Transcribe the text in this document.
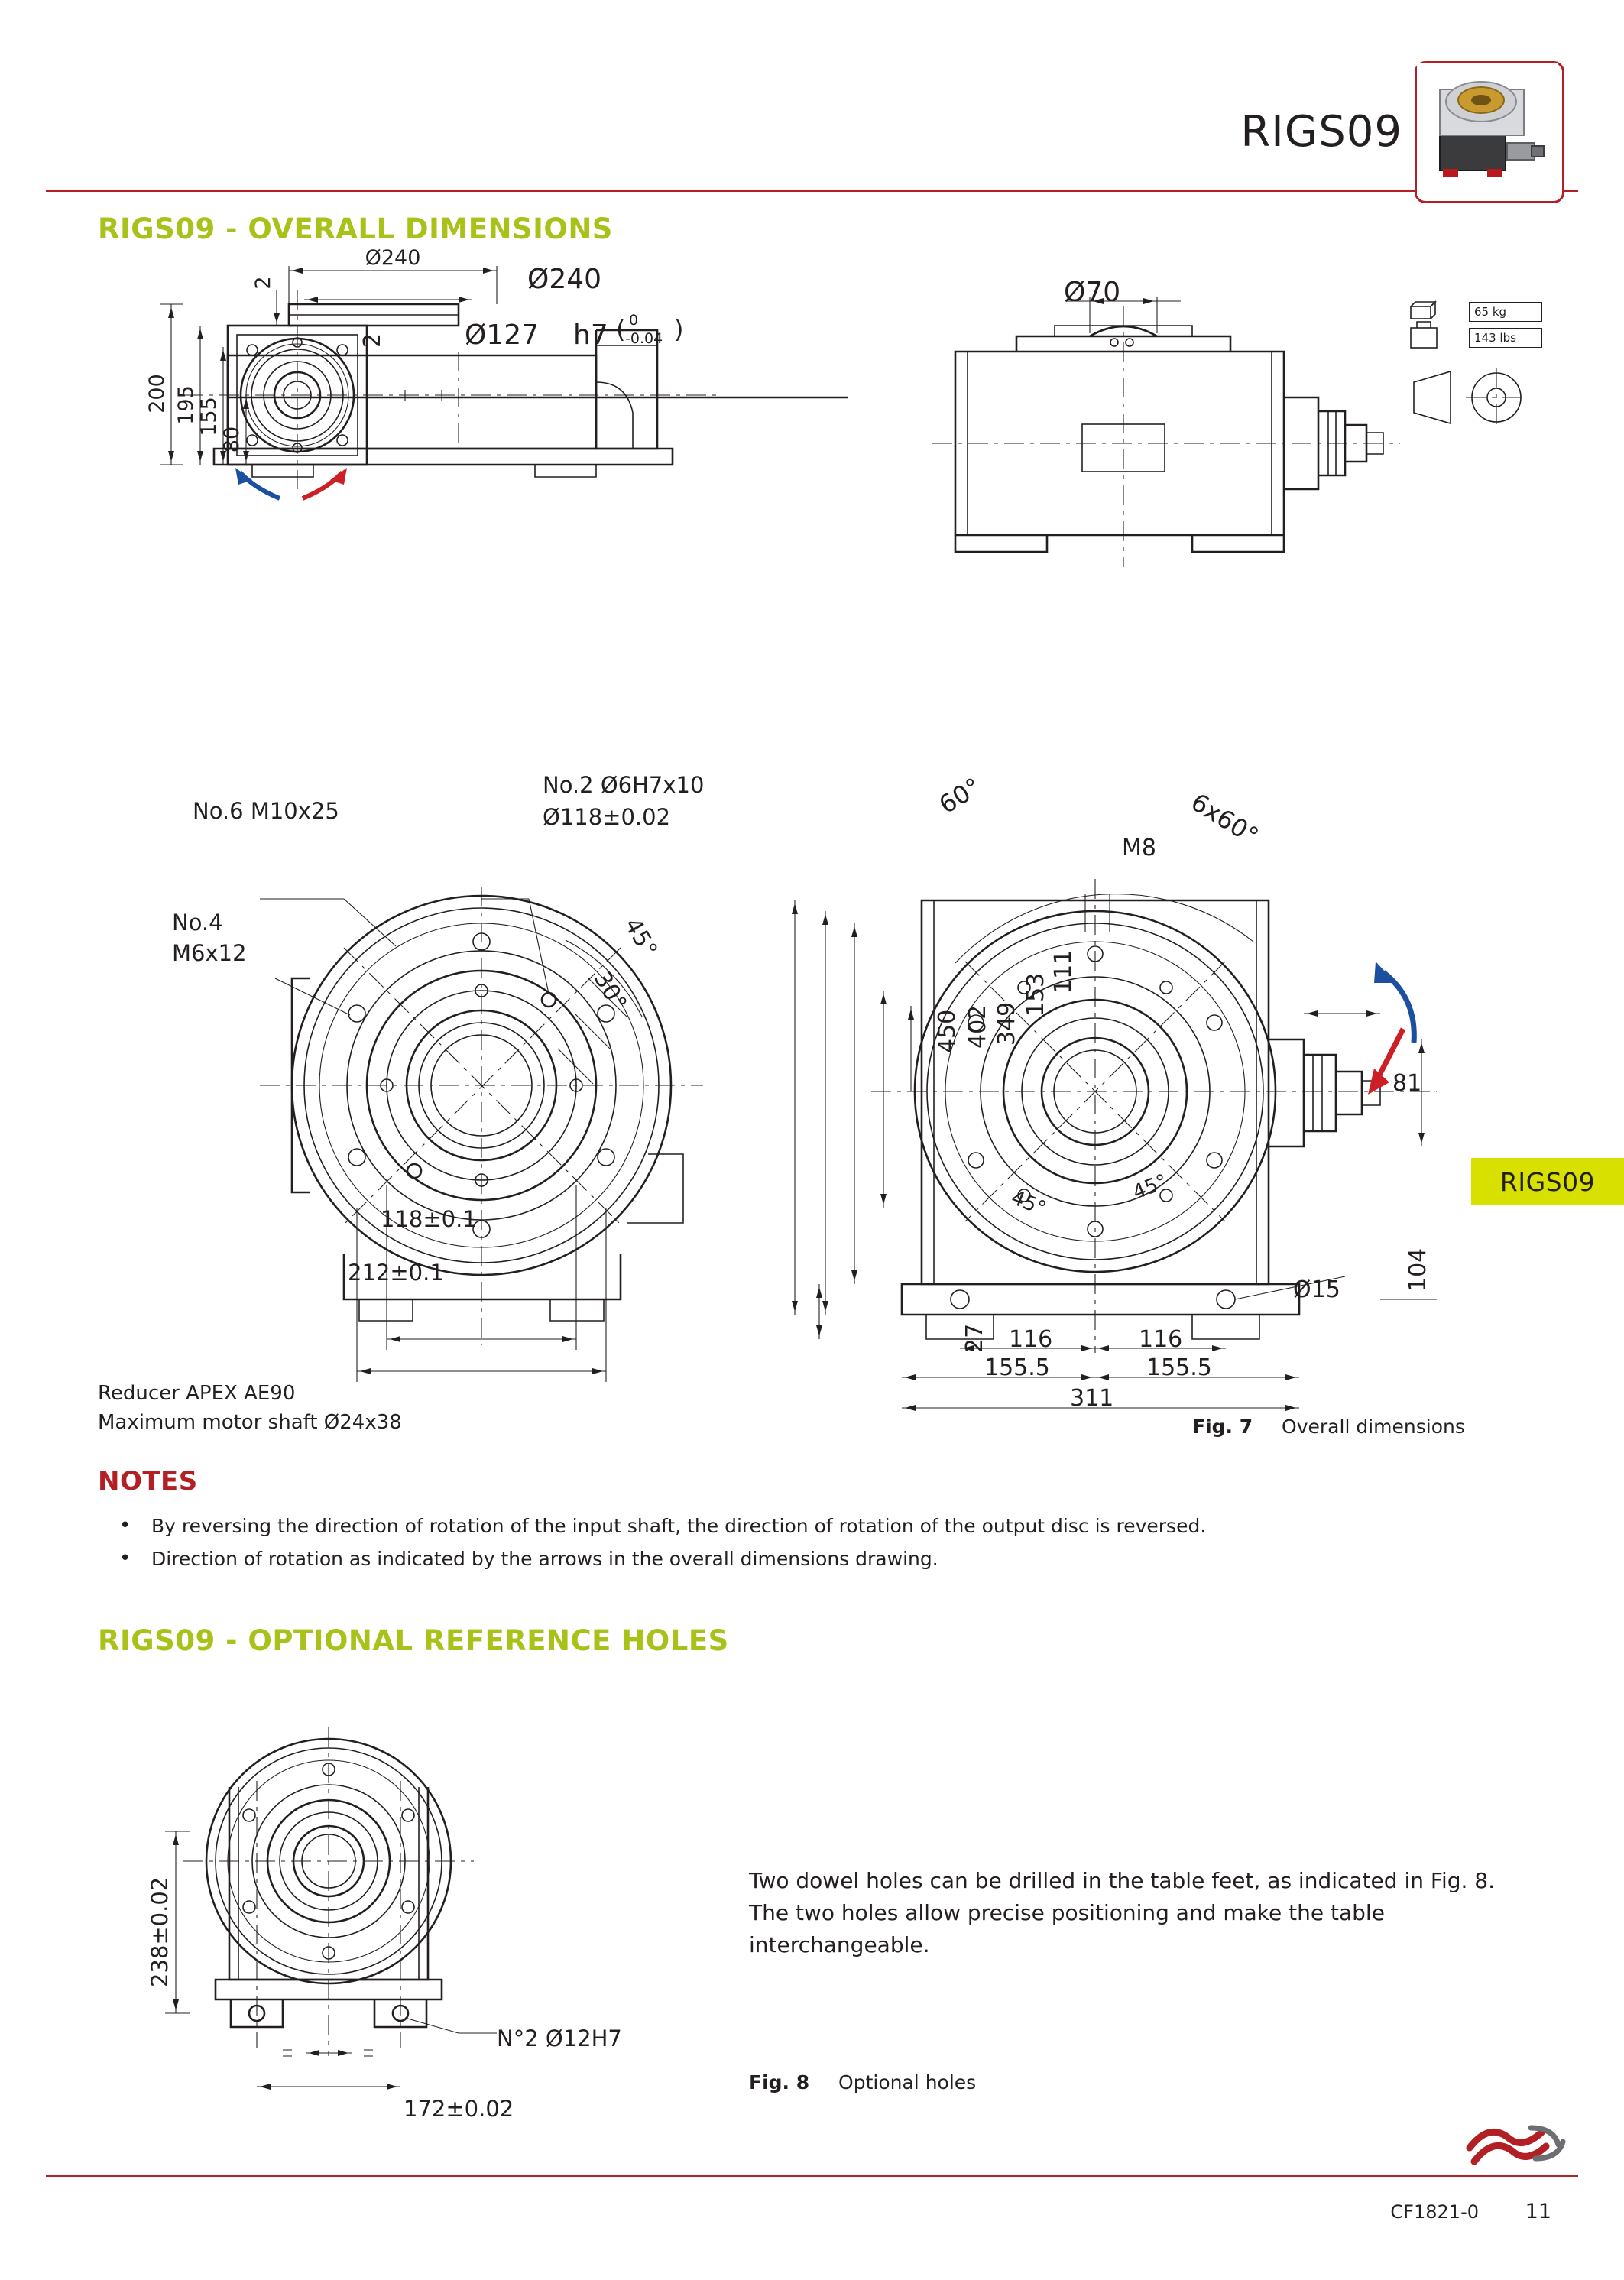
RIGS09
RIGS09 - OVERALL DIMENSIONS
200 195 155
80
2
Ø240
Ø240
Ø127 h7 ( 0
-0.04 )
2
Ø70
65 kg
143 lbs
No.6 M10x25
No.4
M6x12
No.2 Ø6H7x10
Ø118±0.02
45°
30°
118±0.1
212±0.1
450 402 349
153
111
27 116	116
155.5	155.5
311
Ø15
81
104
60°	6x60°
M8
45°	45°	RIGS09
Reducer APEX AE90
Maximum motor shaft Ø24x38	Fig. 7 Overall dimensions
NOTES
• By reversing the direction of rotation of the input shaft, the direction of rotation of the output disc is reversed.
• Direction of rotation as indicated by the arrows in the overall dimensions drawing.
RIGS09 - OPTIONAL REFERENCE HOLES
238±0.02
172±0.02
N°2 Ø12H7
Two dowel holes can be drilled in the table feet, as indicated in Fig. 8.
The two holes allow precise positioning and make the table interchangeable.
Fig. 8 Optional holes
CF1821-0 11
